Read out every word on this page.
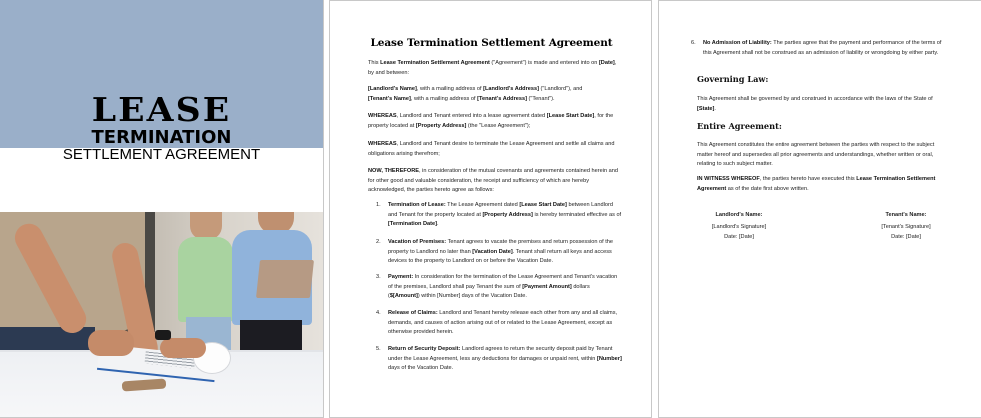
LEASE
TERMINATION
SETTLEMENT AGREEMENT
Lease Termination Settlement Agreement
This Lease Termination Settlement Agreement ("Agreement") is made and entered into on [Date], by and between:
[Landlord's Name], with a mailing address of [Landlord's Address] ("Landlord"), and
[Tenant's Name], with a mailing address of [Tenant's Address] ("Tenant").
WHEREAS, Landlord and Tenant entered into a lease agreement dated [Lease Start Date], for the property located at [Property Address] (the "Lease Agreement");
WHEREAS, Landlord and Tenant desire to terminate the Lease Agreement and settle all claims and obligations arising therefrom;
NOW, THEREFORE, in consideration of the mutual covenants and agreements contained herein and for other good and valuable consideration, the receipt and sufficiency of which are hereby acknowledged, the parties hereto agree as follows:
1. Termination of Lease: The Lease Agreement dated [Lease Start Date] between Landlord and Tenant for the property located at [Property Address] is hereby terminated effective as of [Termination Date].
2. Vacation of Premises: Tenant agrees to vacate the premises and return possession of the property to Landlord no later than [Vacation Date]. Tenant shall return all keys and access devices to the property to Landlord on or before the Vacation Date.
3. Payment: In consideration for the termination of the Lease Agreement and Tenant's vacation of the premises, Landlord shall pay Tenant the sum of [Payment Amount] dollars ($[Amount]) within [Number] days of the Vacation Date.
4. Release of Claims: Landlord and Tenant hereby release each other from any and all claims, demands, and causes of action arising out of or related to the Lease Agreement, except as otherwise provided herein.
5. Return of Security Deposit: Landlord agrees to return the security deposit paid by Tenant under the Lease Agreement, less any deductions for damages or unpaid rent, within [Number] days of the Vacation Date.
6. No Admission of Liability: The parties agree that the payment and performance of the terms of this Agreement shall not be construed as an admission of liability or wrongdoing by either party.
Governing Law:
This Agreement shall be governed by and construed in accordance with the laws of the State of [State].
Entire Agreement:
This Agreement constitutes the entire agreement between the parties with respect to the subject matter hereof and supersedes all prior agreements and understandings, whether written or oral, relating to such subject matter.
IN WITNESS WHEREOF, the parties hereto have executed this Lease Termination Settlement Agreement as of the date first above written.
Landlord's Name:
[Landlord's Signature]
Date: [Date]
Tenant's Name:
[Tenant's Signature]
Date: [Date]
